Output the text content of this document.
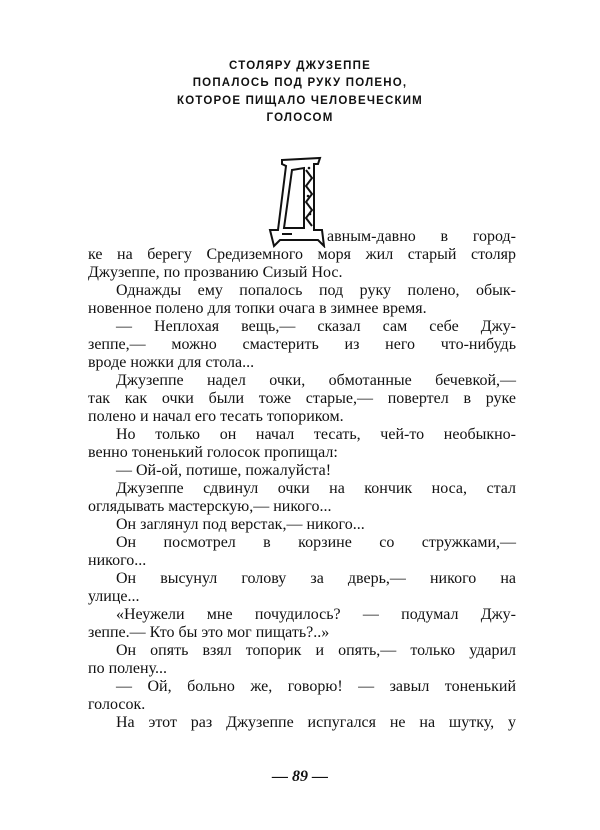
СТОЛЯРУ ДЖУЗЕППЕ
ПОПАЛОСЬ ПОД РУКУ ПОЛЕНО,
КОТОРОЕ ПИЩАЛО ЧЕЛОВЕЧЕСКИМ
ГОЛОСОМ
авным-давно в город-
ке на берегу Средиземного моря жил старый столяр
Джузеппе, по прозванию Сизый Нос.
Однажды ему попалось под руку полено, обык-
новенное полено для топки очага в зимнее время.
— Неплохая вещь,— сказал сам себе Джу-
зеппе,— можно смастерить из него что-нибудь
вроде ножки для стола...
Джузеппе надел очки, обмотанные бечевкой,—
так как очки были тоже старые,— повертел в руке
полено и начал его тесать топориком.
Но только он начал тесать, чей-то необыкно-
венно тоненький голосок пропищал:
— Ой-ой, потише, пожалуйста!
Джузеппе сдвинул очки на кончик носа, стал
оглядывать мастерскую,— никого...
Он заглянул под верстак,— никого...
Он посмотрел в корзине со стружками,—
никого...
Он высунул голову за дверь,— никого на
улице...
«Неужели мне почудилось? — подумал Джу-
зеппе.— Кто бы это мог пищать?..»
Он опять взял топорик и опять,— только ударил
по полену...
— Ой, больно же, говорю! — завыл тоненький
голосок.
На этот раз Джузеппе испугался не на шутку, у
— 89 —
